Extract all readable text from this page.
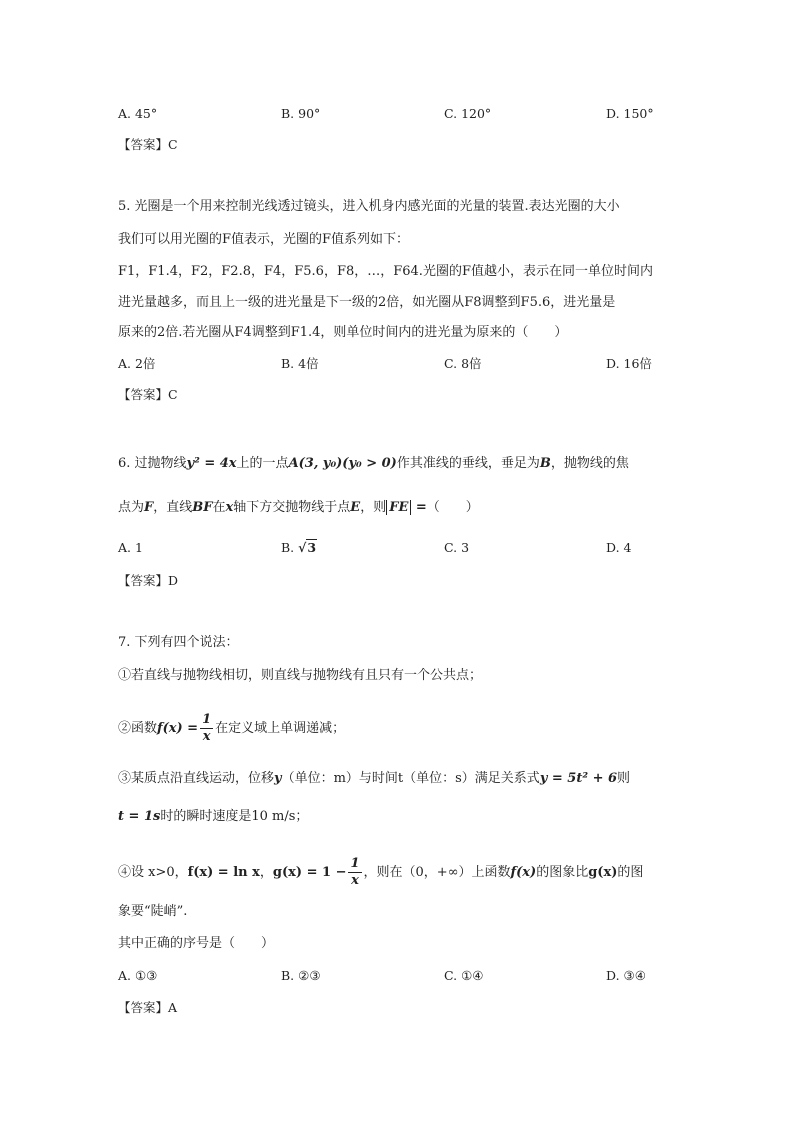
A. 45°	B. 90°	C. 120°	D. 150°
【答案】C
5. 光圈是一个用来控制光线透过镜头，进入机身内感光面的光量的装置.表达光圈的大小
我们可以用光圈的F值表示，光圈的F值系列如下：
F1，F1.4，F2，F2.8，F4，F5.6，F8，…，F64.光圈的F值越小，表示在同一单位时间内
进光量越多，而且上一级的进光量是下一级的2倍，如光圈从F8调整到F5.6，进光量是
原来的2倍.若光圈从F4调整到F1.4，则单位时间内的进光量为原来的（　　）
A. 2倍	B. 4倍	C. 8倍	D. 16倍
【答案】C
6. 过抛物线y² = 4x上的一点A(3, y₀)(y₀ > 0)作其准线的垂线，垂足为B，抛物线的焦
点为F，直线BF在x轴下方交抛物线于点E，则 FE =（　　）
A. 1	B. √3	C. 3	D. 4
【答案】D
7. 下列有四个说法：
①若直线与抛物线相切，则直线与抛物线有且只有一个公共点；
②函数$f(x) = \frac{1}{x}$ 在定义域上单调递减；
③某质点沿直线运动，位移y（单位：m）与时间t（单位：s）满足关系式y = 5t² + 6则
t = 1s时的瞬时速度是10 m/s；
④设 x>0，f(x) = ln x，$g(x) = 1 - \frac{1}{x}$ ，则在（0，+∞）上函数f(x)的图象比g(x)的图
象要“陡峭”.
其中正确的序号是（　　）
A. ①③	B. ②③	C. ①④	D. ③④
【答案】A
